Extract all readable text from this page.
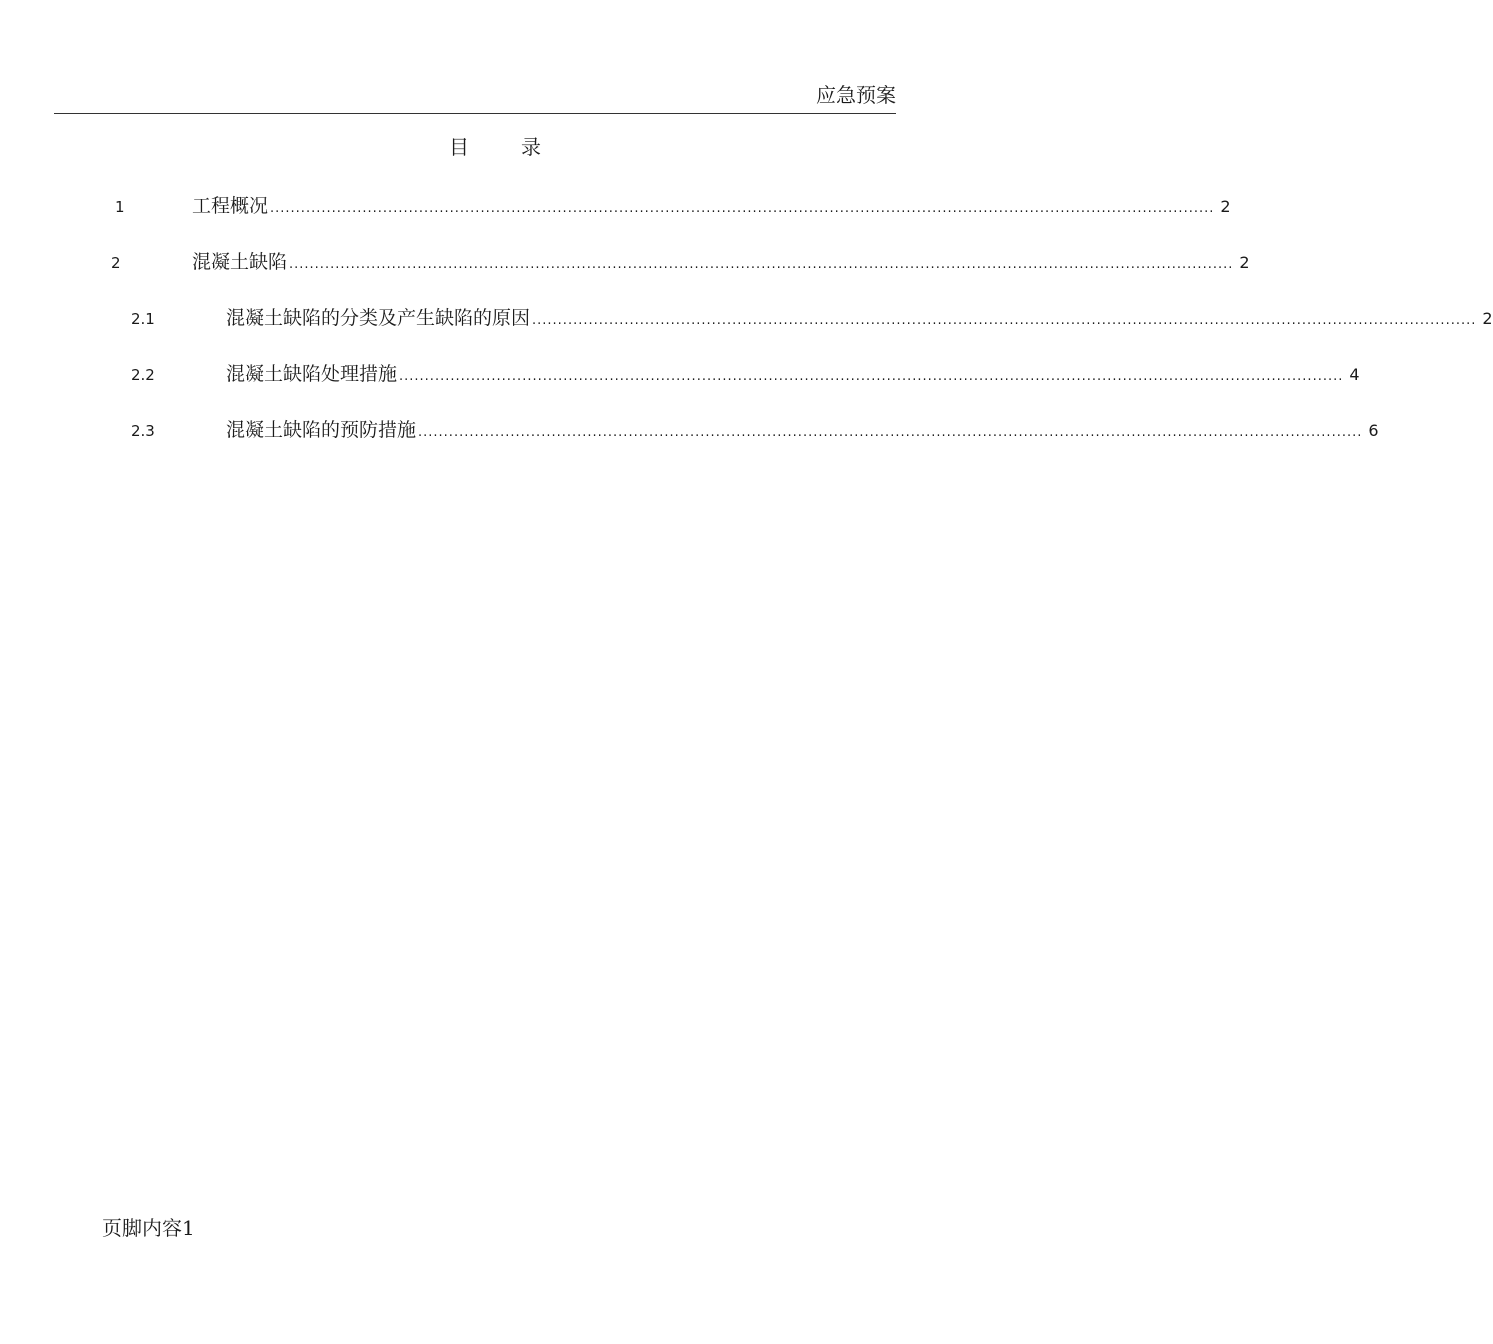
应急预案
目	录
1	工程概况 ........................................................................................................................................................................................ 2
2	混凝土缺陷 ........................................................................................................................................................................................ 2
2.1	混凝土缺陷的分类及产生缺陷的原因 ........................................................................................................................................................................................ 2
2.2	混凝土缺陷处理措施 ........................................................................................................................................................................................ 4
2.3	混凝土缺陷的预防措施 ........................................................................................................................................................................................ 6
页脚内容1
